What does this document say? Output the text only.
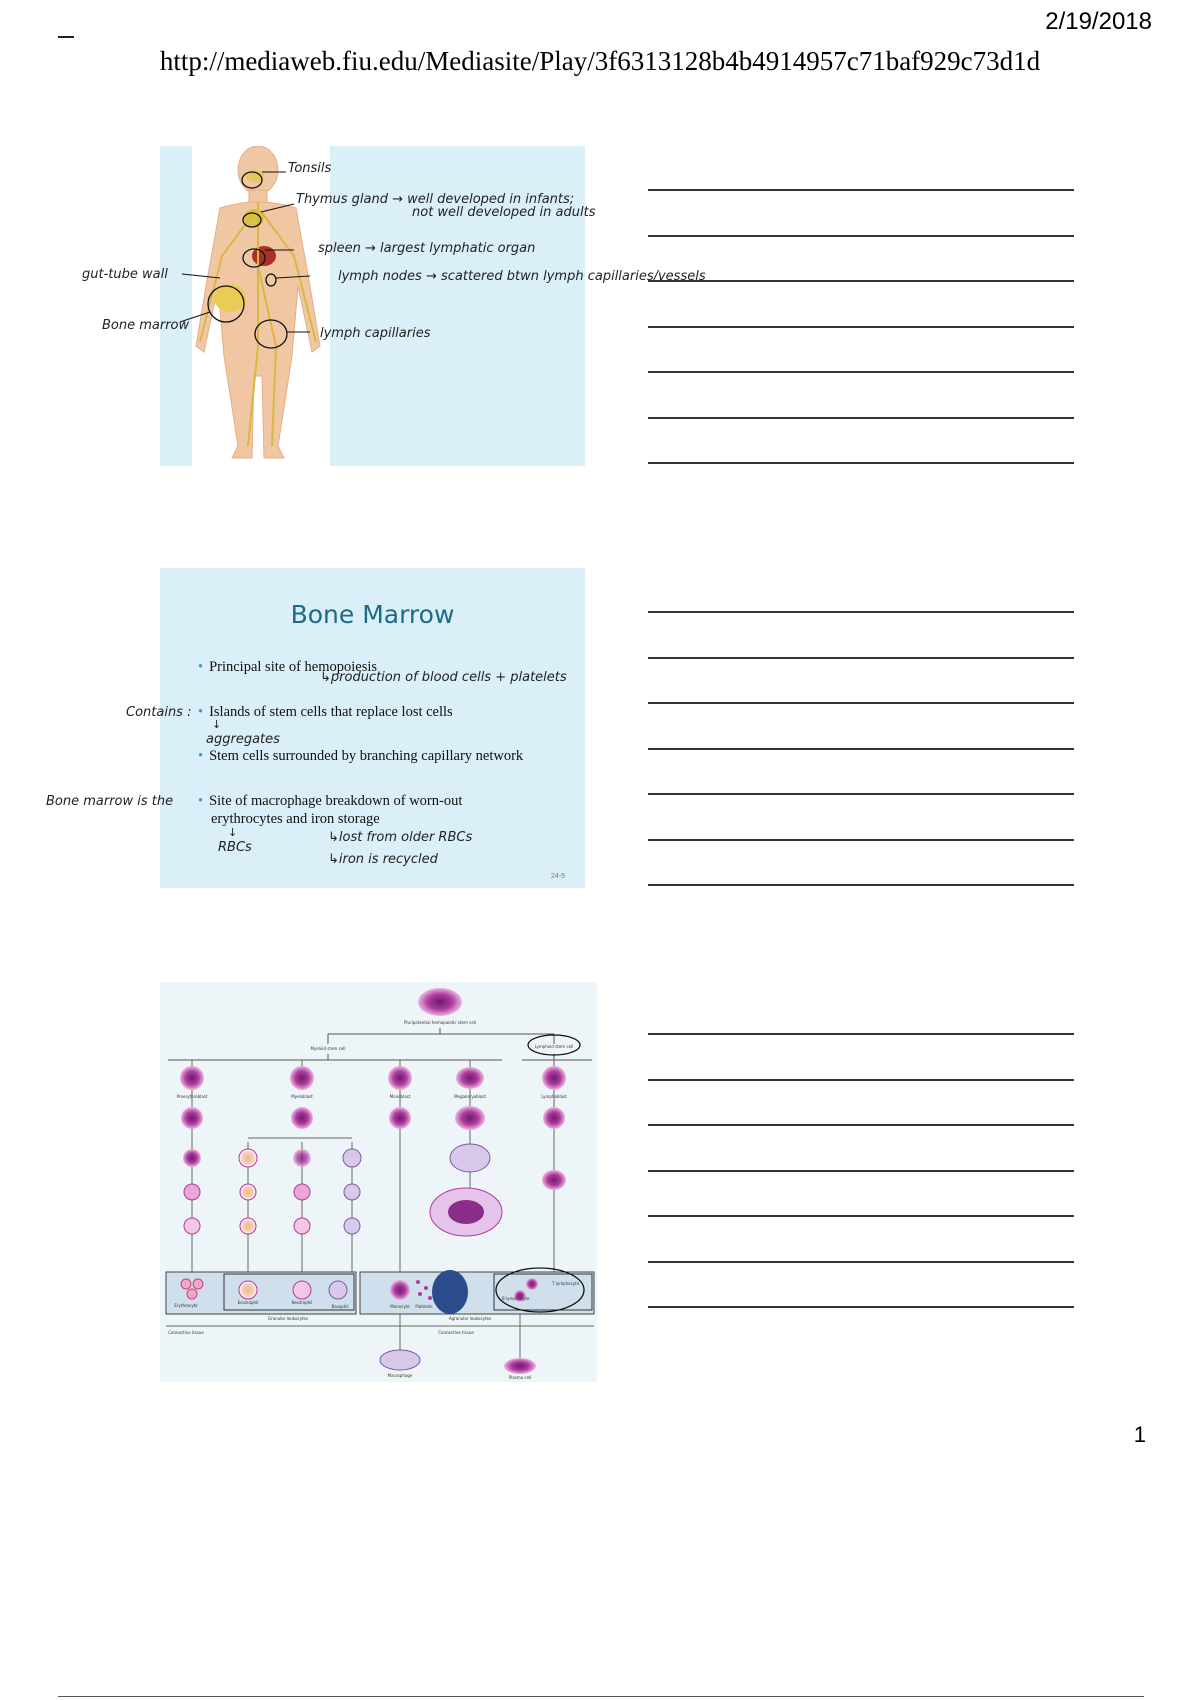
2/19/2018
http://mediaweb.fiu.edu/Mediasite/Play/3f6313128b4b4914957c71baf929c73d1d
Tonsils
Thymus gland → well developed in infants;
not well developed in adults
spleen → largest lymphatic organ
lymph nodes → scattered btwn lymph capillaries/vessels
gut-tube wall
Bone marrow
lymph capillaries
Bone Marrow
• Principal site of hemopoiesis
• Islands of stem cells that replace lost cells
• Stem cells surrounded by branching capillary network
• Site of macrophage breakdown of worn-out
erythrocytes and iron storage
24-5
↳production of blood cells + platelets
Contains :
↓
aggregates
Bone marrow is the
↓
RBCs
↳lost from older RBCs
↳iron is recycled
Pluripotential hemopoietic stem cell
Myeloid stem cell	Lymphoid stem cell
Proerythroblast	Myeloblast	Monoblast	Megakaryoblast	Lymphoblast
Erythrocyte
Eosinophil	Neutrophil
Basophil	Monocyte Platelets
T lymphocyte
B lymphocyte
Granular leukocytes	Agranular leukocytes
Connective tissue	Connective tissue
Macrophage	Plasma cell
1
